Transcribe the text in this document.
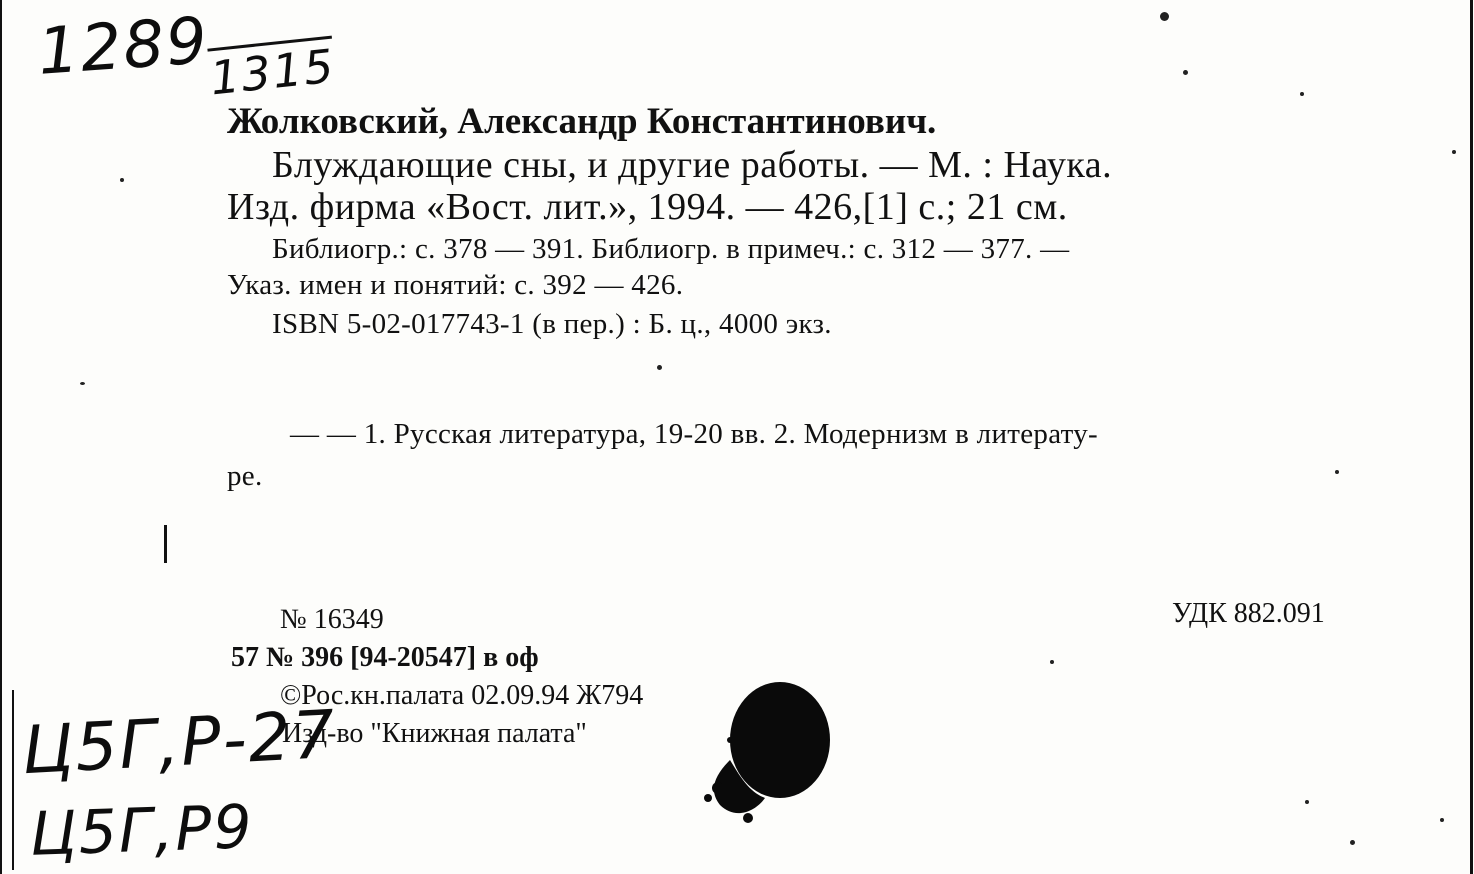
1289
1315
Жолковский, Александр Константинович.
Блуждающие сны, и другие работы. — М. : Наука.
Изд. фирма «Вост. лит.», 1994. — 426,[1] с.; 21 см.
Библиогр.: с. 378 — 391. Библиогр. в примеч.: с. 312 — 377. —
Указ. имен и понятий: с. 392 — 426.
ISBN 5-02-017743-1 (в пер.) : Б. ц., 4000 экз.
— — 1. Русская литература, 19-20 вв. 2. Модернизм в литерату-
ре.
№ 16349	УДК 882.091
57 № 396 [94-20547] в оф
©Рос.кн.палата 02.09.94 Ж794
Изд-во "Книжная палата"
Ц5Г,Р-27
Ц5Г,Р9
